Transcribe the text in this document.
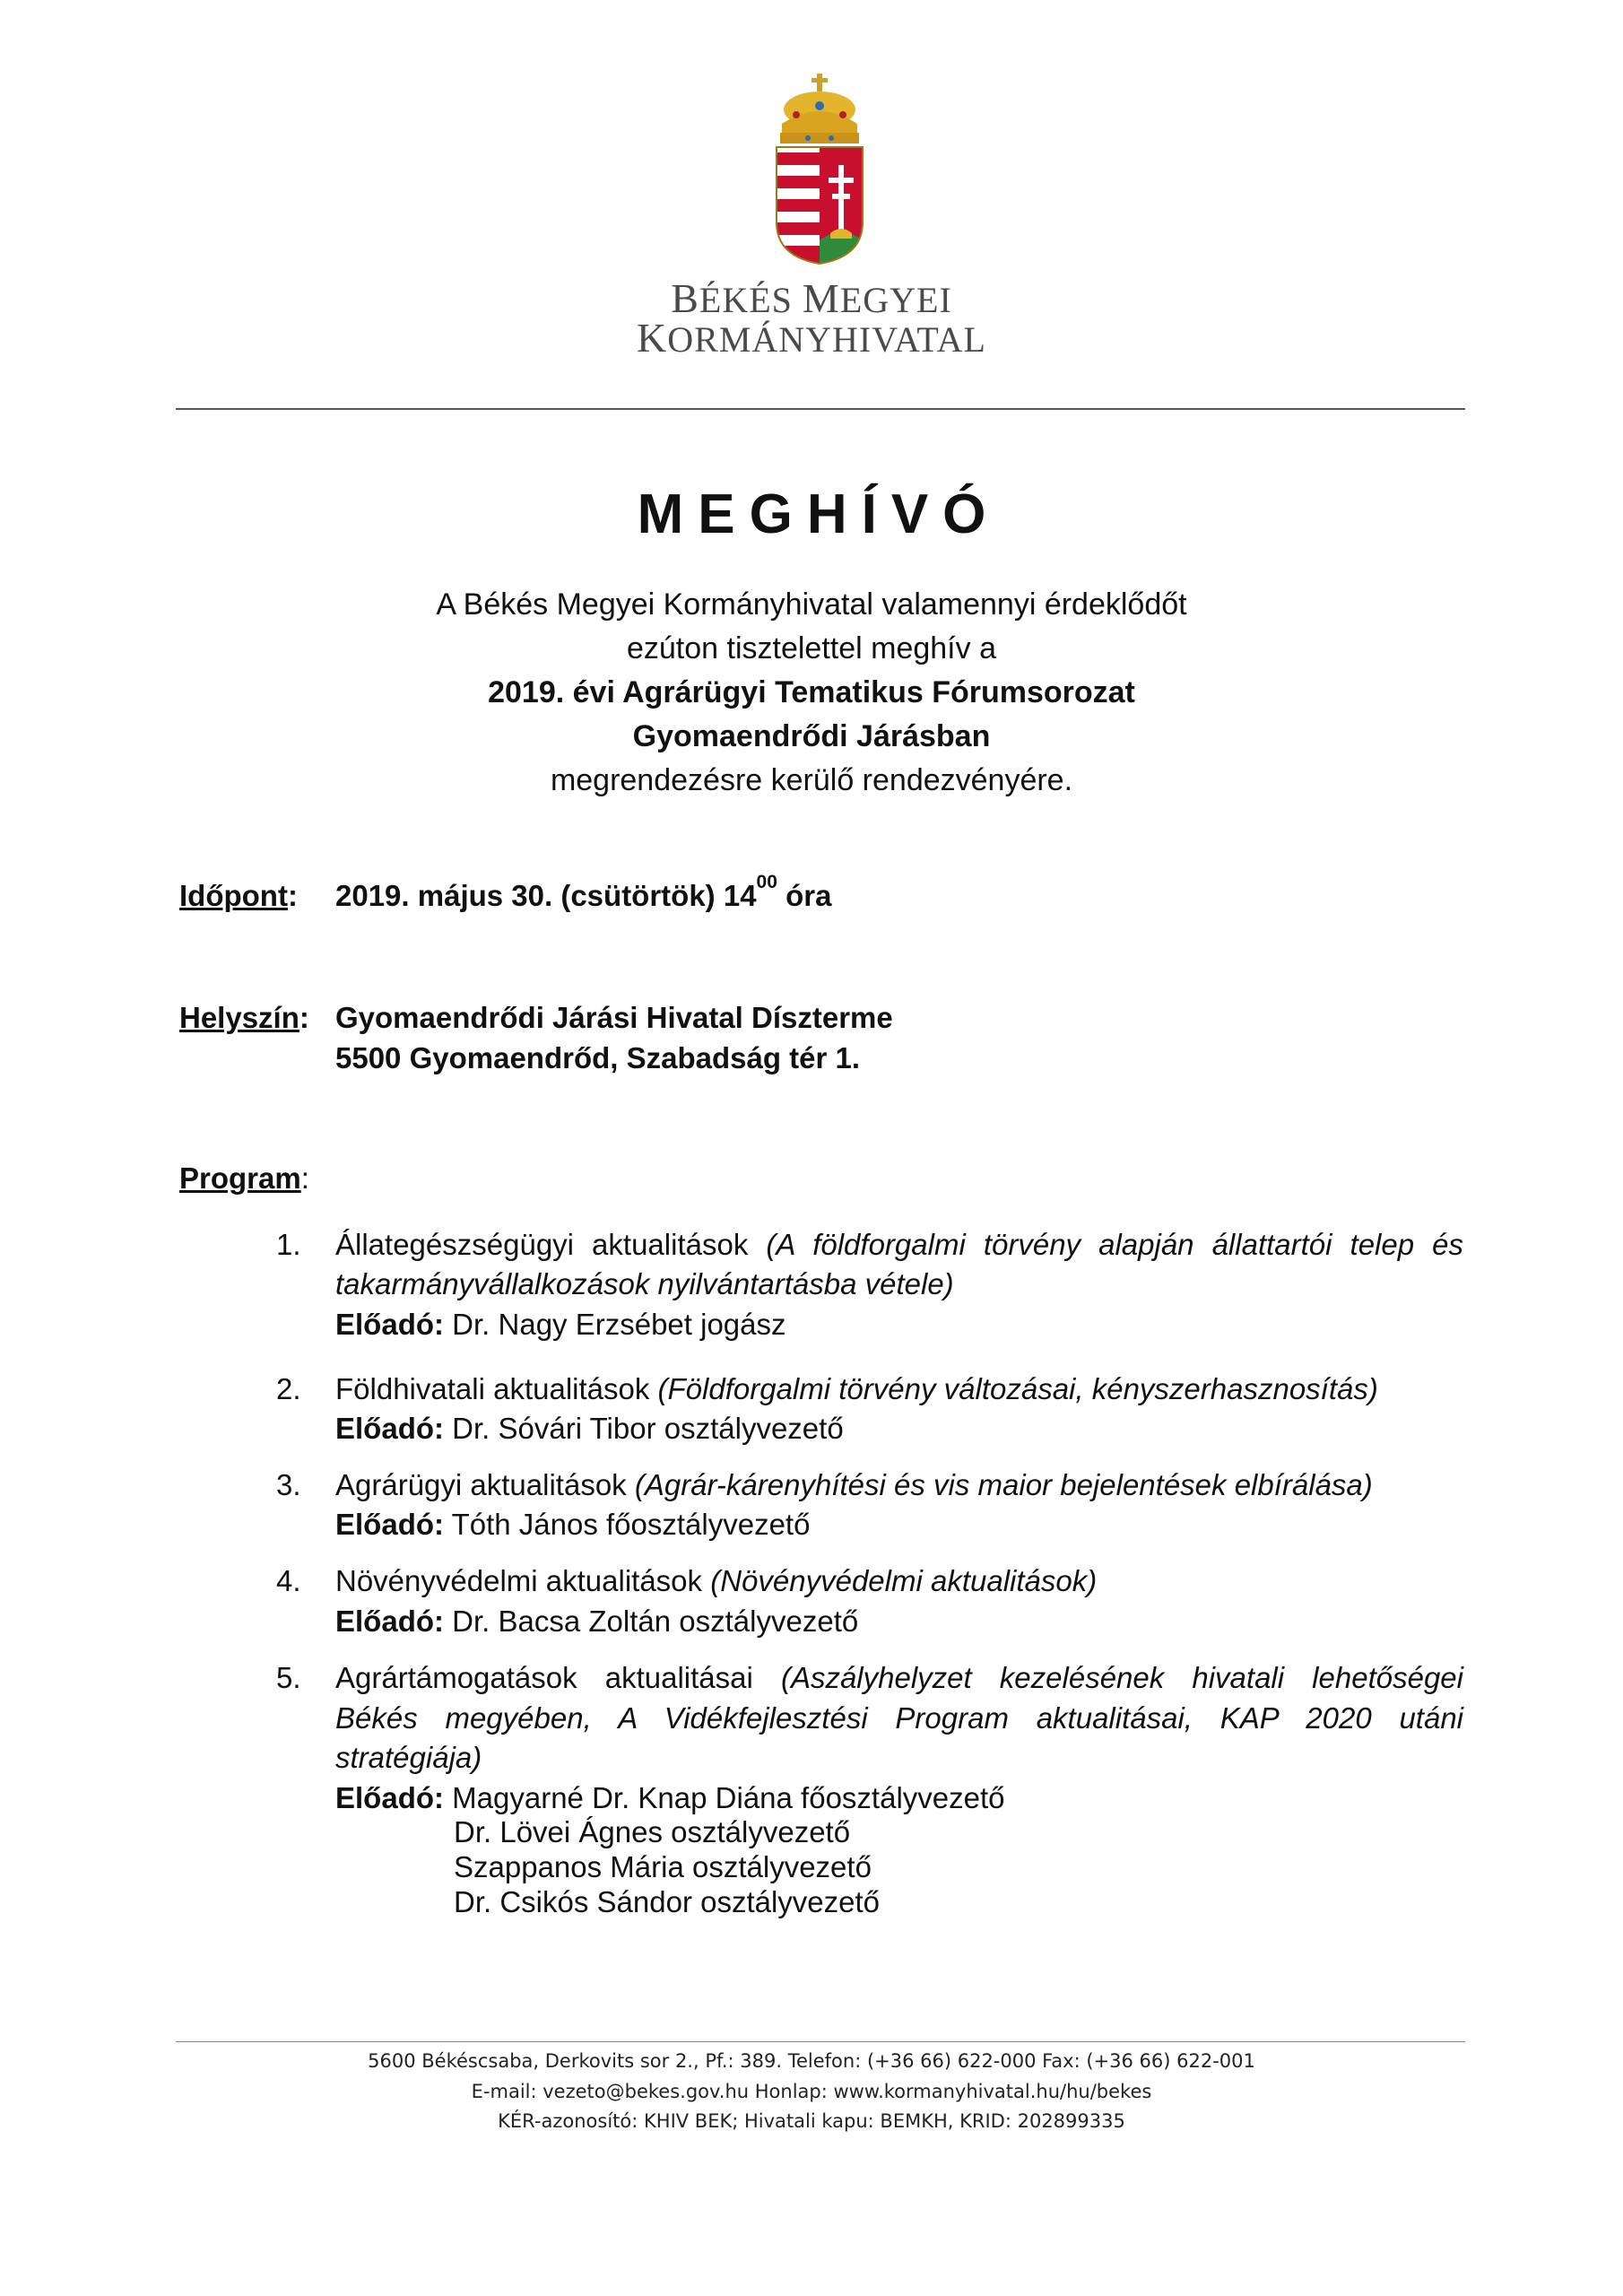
BÉKÉS MEGYEI
KORMÁNYHIVATAL
MEGHÍVÓ
A Békés Megyei Kormányhivatal valamennyi érdeklődőt
ezúton tisztelettel meghív a
2019. évi Agrárügyi Tematikus Fórumsorozat
Gyomaendrődi Járásban
megrendezésre kerülő rendezvényére.
Időpont: 2019. május 30. (csütörtök) $14^{00}$ óra
Helyszín: Gyomaendrődi Járási Hivatal Díszterme
5500 Gyomaendrőd, Szabadság tér 1.
Program:
1. Állategészségügyi aktualitások (A földforgalmi törvény alapján állattartói telep és
takarmányvállalkozások nyilvántartásba vétele)
Előadó: Dr. Nagy Erzsébet jogász
2. Földhivatali aktualitások (Földforgalmi törvény változásai, kényszerhasznosítás)
Előadó: Dr. Sóvári Tibor osztályvezető
3. Agrárügyi aktualitások (Agrár-kárenyhítési és vis maior bejelentések elbírálása)
Előadó: Tóth János főosztályvezető
4. Növényvédelmi aktualitások (Növényvédelmi aktualitások)
Előadó: Dr. Bacsa Zoltán osztályvezető
5. Agrártámogatások aktualitásai (Aszályhelyzet kezelésének hivatali lehetőségei
Békés megyében, A Vidékfejlesztési Program aktualitásai, KAP 2020 utáni
stratégiája)
Előadó: Magyarné Dr. Knap Diána főosztályvezető
Dr. Lövei Ágnes osztályvezető
Szappanos Mária osztályvezető
Dr. Csikós Sándor osztályvezető
5600 Békéscsaba, Derkovits sor 2., Pf.: 389. Telefon: (+36 66) 622-000 Fax: (+36 66) 622-001
E-mail: vezeto@bekes.gov.hu Honlap: www.kormanyhivatal.hu/hu/bekes
KÉR-azonosító: KHIV BEK; Hivatali kapu: BEMKH, KRID: 202899335
